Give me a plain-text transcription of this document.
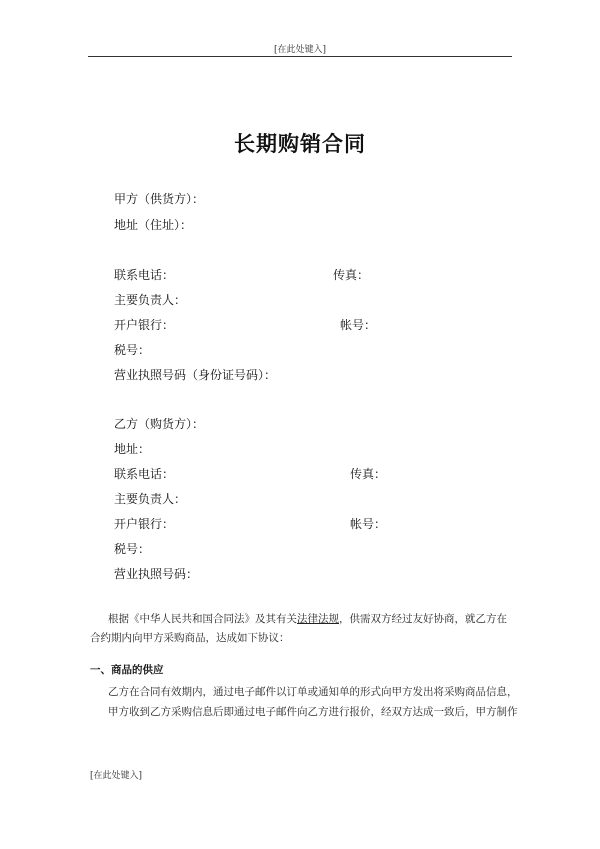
[在此处键入]
长期购销合同
甲方（供货方）：
地址（住址）：
联系电话：	传真：
主要负责人：
开户银行：	帐号：
税号：
营业执照号码（身份证号码）：
乙方（购货方）：
地址：
联系电话：	传真：
主要负责人：
开户银行：	帐号：
税号：
营业执照号码：
根据《中华人民共和国合同法》及其有关法律法规，供需双方经过友好协商，就乙方在
合约期内向甲方采购商品，达成如下协议：
一、商品的供应
乙方在合同有效期内，通过电子邮件以订单或通知单的形式向甲方发出将采购商品信息，
甲方收到乙方采购信息后即通过电子邮件向乙方进行报价，经双方达成一致后，甲方制作
[在此处键入]
